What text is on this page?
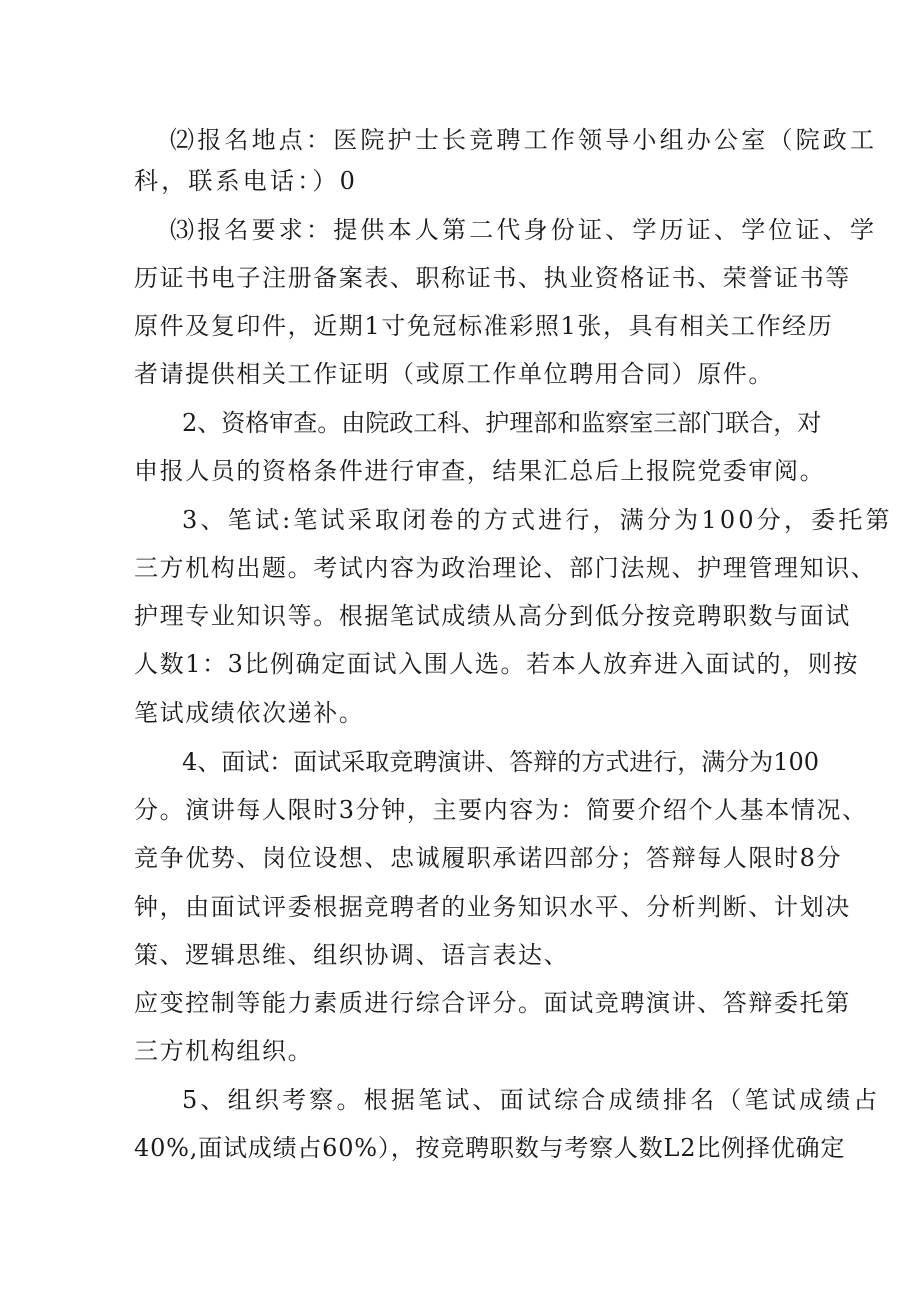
⑵报名地点：医院护士长竞聘工作领导小组办公室（院政工
科，联系电话：）0
⑶报名要求：提供本人第二代身份证、学历证、学位证、学
历证书电子注册备案表、职称证书、执业资格证书、荣誉证书等
原件及复印件，近期1寸免冠标准彩照1张，具有相关工作经历
者请提供相关工作证明（或原工作单位聘用合同）原件。
2、资格审查。由院政工科、护理部和监察室三部门联合，对
申报人员的资格条件进行审查，结果汇总后上报院党委审阅。
3、笔试:笔试采取闭卷的方式进行，满分为100分，委托第
三方机构出题。考试内容为政治理论、部门法规、护理管理知识、
护理专业知识等。根据笔试成绩从高分到低分按竞聘职数与面试
人数1：3比例确定面试入围人选。若本人放弃进入面试的，则按
笔试成绩依次递补。
4、面试：面试采取竞聘演讲、答辩的方式进行，满分为100
分。演讲每人限时3分钟，主要内容为：简要介绍个人基本情况、
竞争优势、岗位设想、忠诚履职承诺四部分；答辩每人限时8分
钟，由面试评委根据竞聘者的业务知识水平、分析判断、计划决
策、逻辑思维、组织协调、语言表达、
应变控制等能力素质进行综合评分。面试竞聘演讲、答辩委托第
三方机构组织。
5、组织考察。根据笔试、面试综合成绩排名（笔试成绩占
40%,面试成绩占60%），按竞聘职数与考察人数L2比例择优确定
